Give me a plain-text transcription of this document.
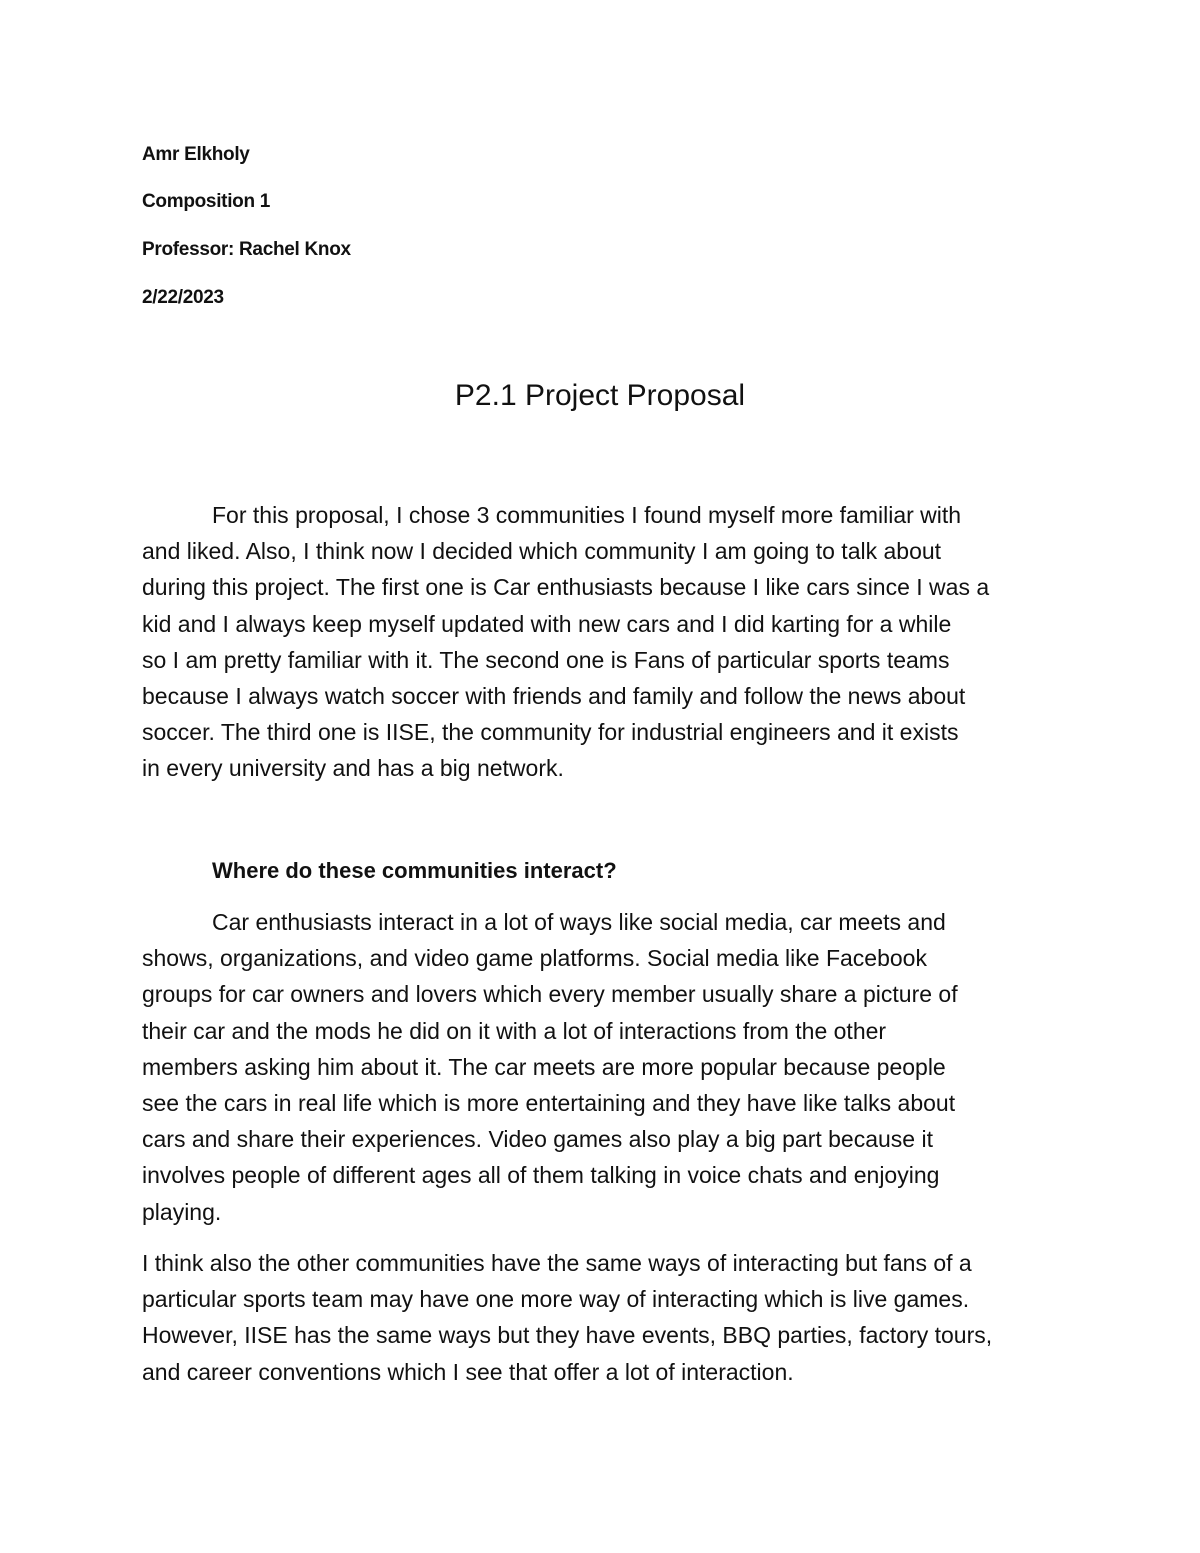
Amr Elkholy
Composition 1
Professor: Rachel Knox
2/22/2023
P2.1 Project Proposal
For this proposal, I chose 3 communities I found myself more familiar with
and liked. Also, I think now I decided which community I am going to talk about
during this project. The first one is Car enthusiasts because I like cars since I was a
kid and I always keep myself updated with new cars and I did karting for a while
so I am pretty familiar with it. The second one is Fans of particular sports teams
because I always watch soccer with friends and family and follow the news about
soccer. The third one is IISE, the community for industrial engineers and it exists
in every university and has a big network.
Where do these communities interact?
Car enthusiasts interact in a lot of ways like social media, car meets and
shows, organizations, and video game platforms. Social media like Facebook
groups for car owners and lovers which every member usually share a picture of
their car and the mods he did on it with a lot of interactions from the other
members asking him about it. The car meets are more popular because people
see the cars in real life which is more entertaining and they have like talks about
cars and share their experiences. Video games also play a big part because it
involves people of different ages all of them talking in voice chats and enjoying
playing.
I think also the other communities have the same ways of interacting but fans of a
particular sports team may have one more way of interacting which is live games.
However, IISE has the same ways but they have events, BBQ parties, factory tours,
and career conventions which I see that offer a lot of interaction.
